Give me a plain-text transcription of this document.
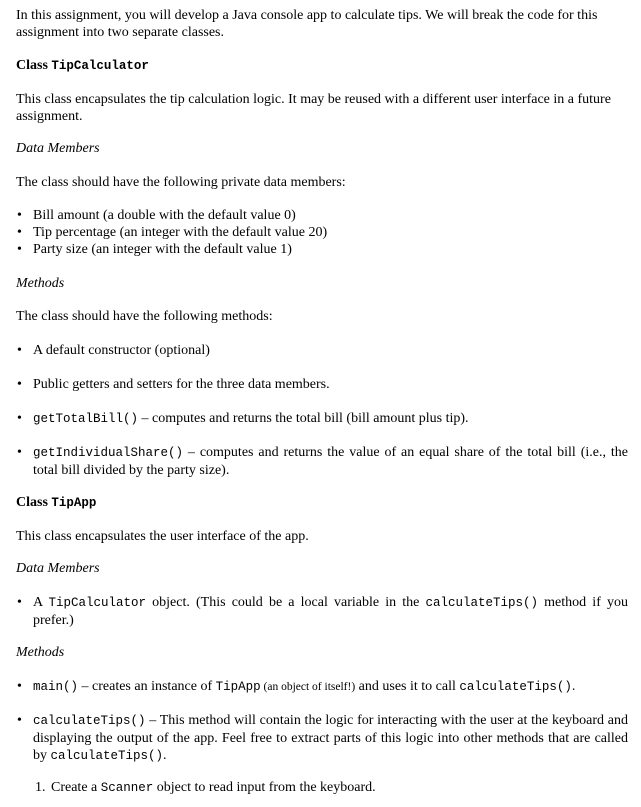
In this assignment, you will develop a Java console app to calculate tips. We will break the code for this assignment into two separate classes.

Class TipCalculator

This class encapsulates the tip calculation logic. It may be reused with a different user interface in a future assignment.

Data Members

The class should have the following private data members:

• Bill amount (a double with the default value 0)
• Tip percentage (an integer with the default value 20)
• Party size (an integer with the default value 1)

Methods

The class should have the following methods:

• A default constructor (optional)
• Public getters and setters for the three data members.
• getTotalBill() – computes and returns the total bill (bill amount plus tip).
• getIndividualShare() – computes and returns the value of an equal share of the total bill (i.e., the total bill divided by the party size).

Class TipApp

This class encapsulates the user interface of the app.

Data Members

• A TipCalculator object. (This could be a local variable in the calculateTips() method if you prefer.)

Methods

• main() – creates an instance of TipApp (an object of itself!) and uses it to call calculateTips().
• calculateTips() – This method will contain the logic for interacting with the user at the keyboard and displaying the output of the app. Feel free to extract parts of this logic into other methods that are called by calculateTips().
1. Create a Scanner object to read input from the keyboard.
